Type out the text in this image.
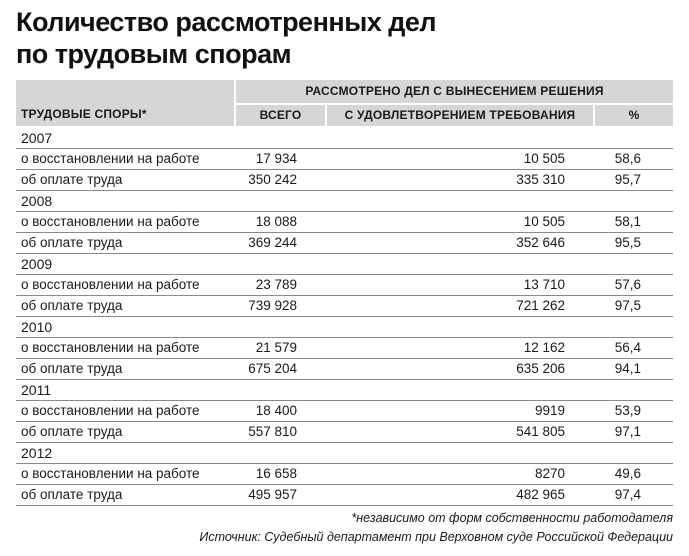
Количество рассмотренных дел
по трудовым спорам
ТРУДОВЫЕ СПОРЫ*	РАССМОТРЕНО ДЕЛ С ВЫНЕСЕНИЕМ РЕШЕНИЯ		
	ВСЕГО	С УДОВЛЕТВОРЕНИЕМ ТРЕБОВАНИЯ	%
2007			
о восстановлении на работе	17 934	10 505	58,6
об оплате труда	350 242	335 310	95,7
2008			
о восстановлении на работе	18 088	10 505	58,1
об оплате труда	369 244	352 646	95,5
2009			
о восстановлении на работе	23 789	13 710	57,6
об оплате труда	739 928	721 262	97,5
2010			
о восстановлении на работе	21 579	12 162	56,4
об оплате труда	675 204	635 206	94,1
2011			
о восстановлении на работе	18 400	9919	53,9
об оплате труда	557 810	541 805	97,1
2012			
о восстановлении на работе	16 658	8270	49,6
об оплате труда	495 957	482 965	97,4
*независимо от форм собственности работодателя
Источник: Судебный департамент при Верховном суде Российской Федерации
